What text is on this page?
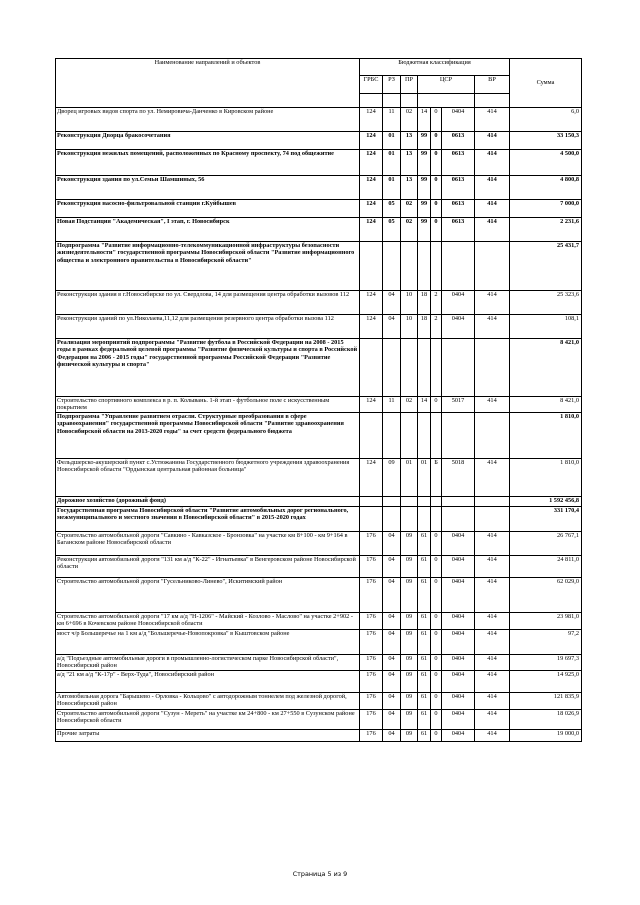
Наименование направлений и объектов	Бюджетная классификация							Сумма
	ГРБС	РЗ	ПР	ЦСР			ВР	

Дворец игровых видов спорта по ул. Немировича-Данченко в Кировском районе	124	11	02	14	0	0404	414	6,0
Реконструкция Дворца бракосочетания	124	01	13	99	0	0613	414	33 150,3
Реконструкция нежилых помещений, расположенных по Красному проспекту, 74 под общежитие	124	01	13	99	0	0613	414	4 500,0
Реконструкция здания по ул.Семьи Шамшиных, 56	124	01	13	99	0	0613	414	4 800,8
Реконструкция насосно-фильтровальной станции г.Куйбышев	124	05	02	99	0	0613	414	7 000,0
Новая Подстанция "Академическая", I этап, г. Новосибирск	124	05	02	99	0	0613	414	2 231,6
Подпрограмма "Развитие информационно-телекоммуникационной инфраструктуры безопасности жизнедеятельности" государственной программы Новосибирской области "Развитие информационного общества и электронного правительства в Новосибирской области"								25 431,7
Реконструкция здания в г.Новосибирске по ул. Свердлова, 14 для размещения центра обработки вызовов 112	124	04	10	18	2	0404	414	25 323,6
Реконструкция зданий по ул.Николаева,11,12 для размещения резервного центра обработки вызова 112	124	04	10	18	2	0404	414	108,1
Реализация мероприятий подпрограммы "Развитие футбола в Российской Федерации на 2008 - 2015 годы в рамках федеральной целевой программы "Развитие физической культуры и спорта в Российской Федерации на 2006 - 2015 годы" государственной программы Российской Федерации "Развитие физической культуры и спорта"								8 421,0
Строительство спортивного комплекса в р. п. Колывань. 1-й этап - футбольное поле с искусственным покрытием	124	11	02	14	0	5017	414	8 421,0
Подпрограмма "Управление развитием отрасли. Структурные преобразования в сфере здравоохранения" государственной программы Новосибирской области "Развитие здравоохранения Новосибирской области на 2013-2020 годы" за счет средств федерального бюджета								1 810,0
Фельдшерско-акушерский пункт с.Устюжанина Государственного бюджетного учреждения здравоохранения Новосибирской области "Ордынская центральная районная больница"	124	09	01	01	Б	5018	414	1 810,0
Дорожное хозяйство (дорожный фонд)								1 592 456,8
Государственная программа Новосибирской области "Развитие автомобильных дорог регионального, межмуниципального и местного значения в Новосибирской области" в 2015-2020 годах								331 170,4
Строительство автомобильной дороги "Савкино - Кавказское - Бронзовка" на участке км 8+100 - км 9+164 в Баганском районе Новосибирской области	176	04	09	61	0	0404	414	26 767,1
Реконструкция автомобильной дороги "131 км а/д "К-22" - Игнатьевка" в Венгеровском районе Новосибирской области	176	04	09	61	0	0404	414	24 811,0
Строительство автомобильной дороги "Гусельниково-Линево", Искитимский район	176	04	09	61	0	0404	414	62 029,0
Строительство автомобильной дороги "17 км а/д "Н-1206" - Майский - Козлово - Маслово" на участке 2+902 - км 6+696 в Кочевском районе Новосибирской области	176	04	09	61	0	0404	414	23 981,0
мост ч/р Большеречье на 1 км а/д "Большеречье-Новопокровка" в Кыштовском районе	176	04	09	61	0	0404	414	97,2
а/д "Подъездные автомобильные дороги в промышленно-логистическом парке Новосибирской области", Новосибирский район	176	04	09	61	0	0404	414	19 697,3
а/д "21 км а/д "К-17р" - Верх-Туда", Новосибирский район	176	04	09	61	0	0404	414	14 925,0
Автомобильная дорога "Барышево - Орловка - Кольцово" с автодорожным тоннелем под железной дорогой, Новосибирский район	176	04	09	61	0	0404	414	121 835,9
Строительство автомобильной дороги "Сузун - Мереть" на участке км 24+800 - км 27+550 в Сузунском районе Новосибирской области	176	04	09	61	0	0404	414	18 026,9
Прочие затраты	176	04	09	61	0	0404	414	19 000,0
Страница 5 из 9
